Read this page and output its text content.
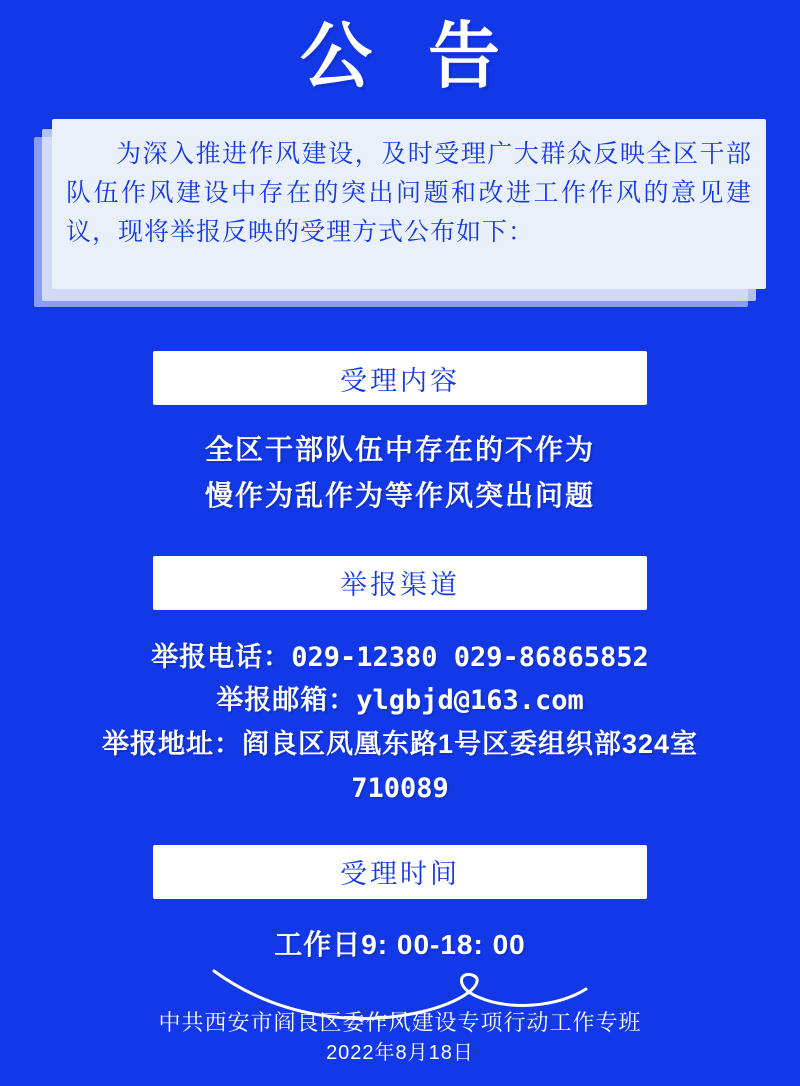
公 告
为深入推进作风建设，及时受理广大群众反映全区干部队伍作风建设中存在的突出问题和改进工作作风的意见建议，现将举报反映的受理方式公布如下：
受理内容
全区干部队伍中存在的不作为
慢作为乱作为等作风突出问题
举报渠道
举报电话：029-12380 029-86865852
举报邮箱：ylgbjd@163.com
举报地址：阎良区凤凰东路1号区委组织部324室
710089
受理时间
工作日9: 00-18: 00
中共西安市阎良区委作风建设专项行动工作专班
2022年8月18日
